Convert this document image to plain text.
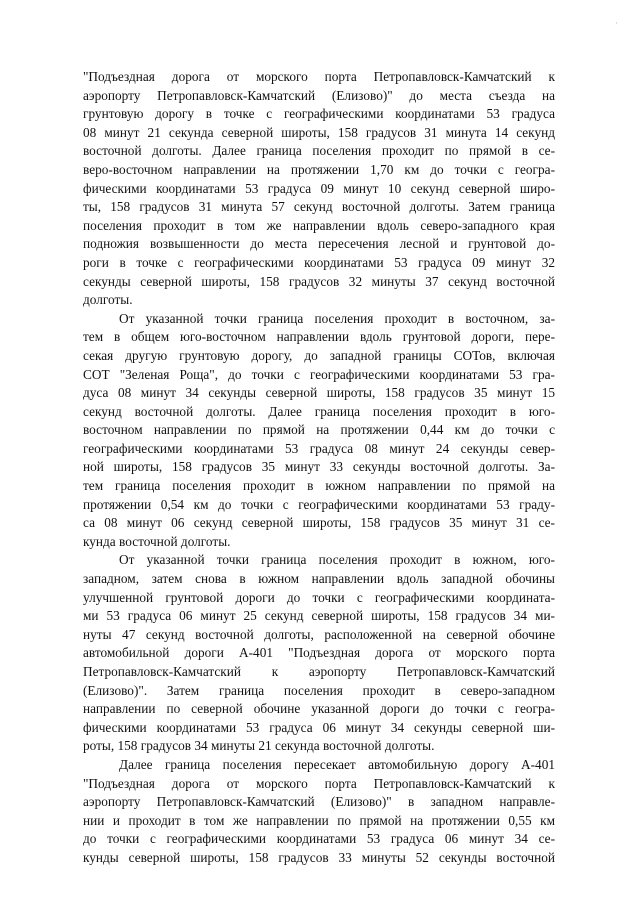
·
"Подъездная дорога от морского порта Петропавловск-Камчатский к
аэропорту Петропавловск-Камчатский (Елизово)" до места съезда на
грунтовую дорогу в точке с географическими координатами 53 градуса
08 минут 21 секунда северной широты, 158 градусов 31 минута 14 секунд
восточной долготы. Далее граница поселения проходит по прямой в се-
веро-восточном направлении на протяжении 1,70 км до точки с геогра-
фическими координатами 53 градуса 09 минут 10 секунд северной широ-
ты, 158 градусов 31 минута 57 секунд восточной долготы. Затем граница
поселения проходит в том же направлении вдоль северо-западного края
подножия возвышенности до места пересечения лесной и грунтовой до-
роги в точке с географическими координатами 53 градуса 09 минут 32
секунды северной широты, 158 градусов 32 минуты 37 секунд восточной
долготы.
От указанной точки граница поселения проходит в восточном, за-
тем в общем юго-восточном направлении вдоль грунтовой дороги, пере-
секая другую грунтовую дорогу, до западной границы СОТов, включая
СОТ "Зеленая Роща", до точки с географическими координатами 53 гра-
дуса 08 минут 34 секунды северной широты, 158 градусов 35 минут 15
секунд восточной долготы. Далее граница поселения проходит в юго-
восточном направлении по прямой на протяжении 0,44 км до точки с
географическими координатами 53 градуса 08 минут 24 секунды север-
ной широты, 158 градусов 35 минут 33 секунды восточной долготы. За-
тем граница поселения проходит в южном направлении по прямой на
протяжении 0,54 км до точки с географическими координатами 53 граду-
са 08 минут 06 секунд северной широты, 158 градусов 35 минут 31 се-
кунда восточной долготы.
От указанной точки граница поселения проходит в южном, юго-
западном, затем снова в южном направлении вдоль западной обочины
улучшенной грунтовой дороги до точки с географическими координата-
ми 53 градуса 06 минут 25 секунд северной широты, 158 градусов 34 ми-
нуты 47 секунд восточной долготы, расположенной на северной обочине
автомобильной дороги А-401 "Подъездная дорога от морского порта
Петропавловск-Камчатский к аэропорту Петропавловск-Камчатский
(Елизово)". Затем граница поселения проходит в северо-западном
направлении по северной обочине указанной дороги до точки с геогра-
фическими координатами 53 градуса 06 минут 34 секунды северной ши-
роты, 158 градусов 34 минуты 21 секунда восточной долготы.
Далее граница поселения пересекает автомобильную дорогу А-401
"Подъездная дорога от морского порта Петропавловск-Камчатский к
аэропорту Петропавловск-Камчатский (Елизово)" в западном направле-
нии и проходит в том же направлении по прямой на протяжении 0,55 км
до точки с географическими координатами 53 градуса 06 минут 34 се-
кунды северной широты, 158 градусов 33 минуты 52 секунды восточной
